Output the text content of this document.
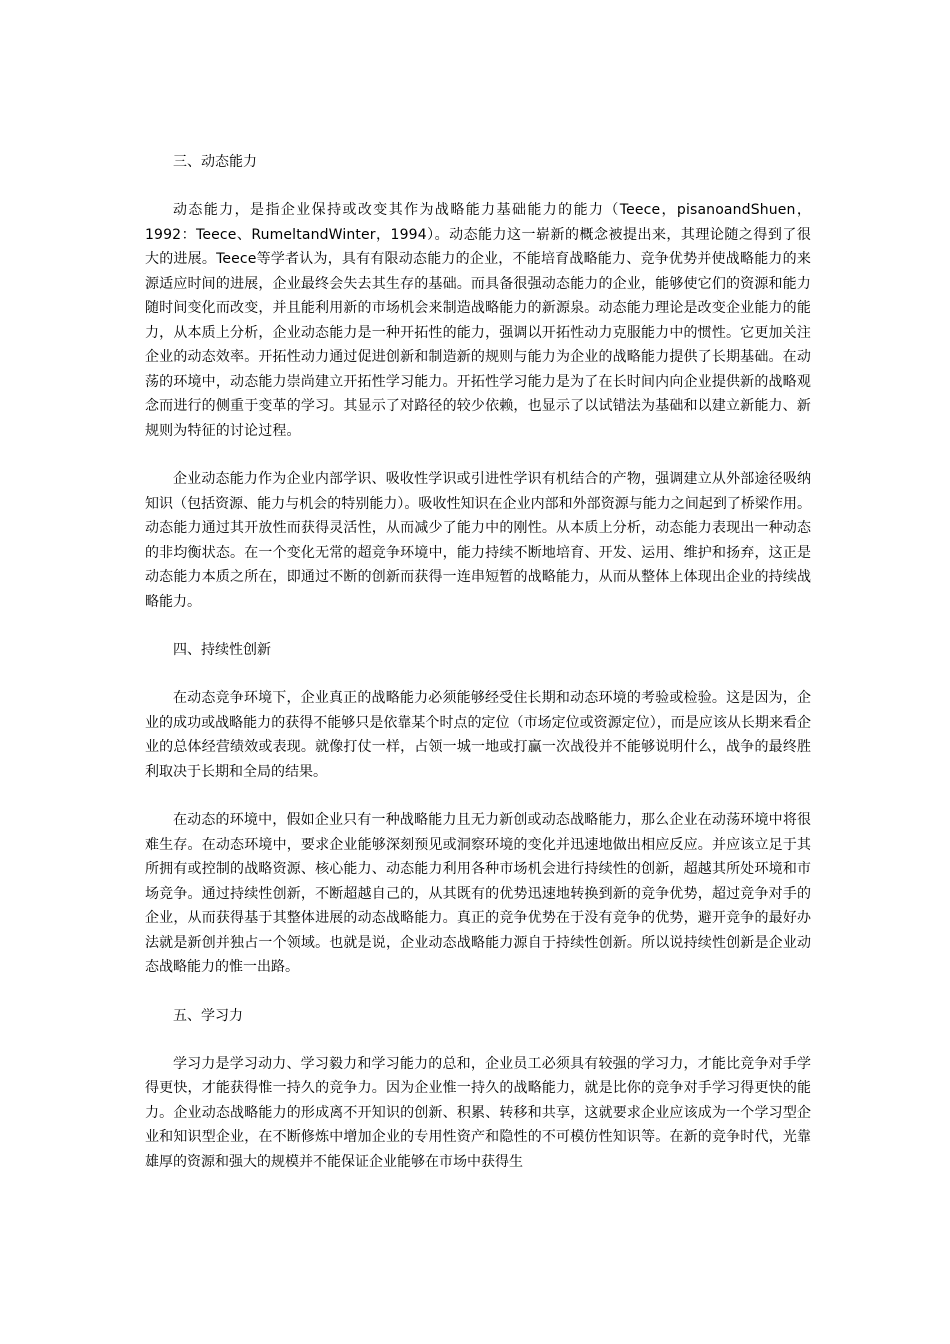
三、动态能力

动态能力，是指企业保持或改变其作为战略能力基础能力的能力（Teece，pisanoandShuen，1992：Teece、RumeltandWinter，1994）。动态能力这一崭新的概念被提出来，其理论随之得到了很大的进展。Teece等学者认为，具有有限动态能力的企业，不能培育战略能力、竞争优势并使战略能力的来源适应时间的进展，企业最终会失去其生存的基础。而具备很强动态能力的企业，能够使它们的资源和能力随时间变化而改变，并且能利用新的市场机会来制造战略能力的新源泉。动态能力理论是改变企业能力的能力，从本质上分析，企业动态能力是一种开拓性的能力，强调以开拓性动力克服能力中的惯性。它更加关注企业的动态效率。开拓性动力通过促进创新和制造新的规则与能力为企业的战略能力提供了长期基础。在动荡的环境中，动态能力崇尚建立开拓性学习能力。开拓性学习能力是为了在长时间内向企业提供新的战略观念而进行的侧重于变革的学习。其显示了对路径的较少依赖，也显示了以试错法为基础和以建立新能力、新规则为特征的讨论过程。

企业动态能力作为企业内部学识、吸收性学识或引进性学识有机结合的产物，强调建立从外部途径吸纳知识（包括资源、能力与机会的特别能力）。吸收性知识在企业内部和外部资源与能力之间起到了桥梁作用。动态能力通过其开放性而获得灵活性，从而减少了能力中的刚性。从本质上分析，动态能力表现出一种动态的非均衡状态。在一个变化无常的超竞争环境中，能力持续不断地培育、开发、运用、维护和扬弃，这正是动态能力本质之所在，即通过不断的创新而获得一连串短暂的战略能力，从而从整体上体现出企业的持续战略能力。

四、持续性创新

在动态竞争环境下，企业真正的战略能力必须能够经受住长期和动态环境的考验或检验。这是因为，企业的成功或战略能力的获得不能够只是依靠某个时点的定位（市场定位或资源定位），而是应该从长期来看企业的总体经营绩效或表现。就像打仗一样，占领一城一地或打赢一次战役并不能够说明什么，战争的最终胜利取决于长期和全局的结果。

在动态的环境中，假如企业只有一种战略能力且无力新创或动态战略能力，那么企业在动荡环境中将很难生存。在动态环境中，要求企业能够深刻预见或洞察环境的变化并迅速地做出相应反应。并应该立足于其所拥有或控制的战略资源、核心能力、动态能力利用各种市场机会进行持续性的创新，超越其所处环境和市场竞争。通过持续性创新，不断超越自己的，从其既有的优势迅速地转换到新的竞争优势，超过竞争对手的企业，从而获得基于其整体进展的动态战略能力。真正的竞争优势在于没有竞争的优势，避开竞争的最好办法就是新创并独占一个领域。也就是说，企业动态战略能力源自于持续性创新。所以说持续性创新是企业动态战略能力的惟一出路。

五、学习力

学习力是学习动力、学习毅力和学习能力的总和，企业员工必须具有较强的学习力，才能比竞争对手学得更快，才能获得惟一持久的竞争力。因为企业惟一持久的战略能力，就是比你的竞争对手学习得更快的能力。企业动态战略能力的形成离不开知识的创新、积累、转移和共享，这就要求企业应该成为一个学习型企业和知识型企业，在不断修炼中增加企业的专用性资产和隐性的不可模仿性知识等。在新的竞争时代，光靠雄厚的资源和强大的规模并不能保证企业能够在市场中获得生
